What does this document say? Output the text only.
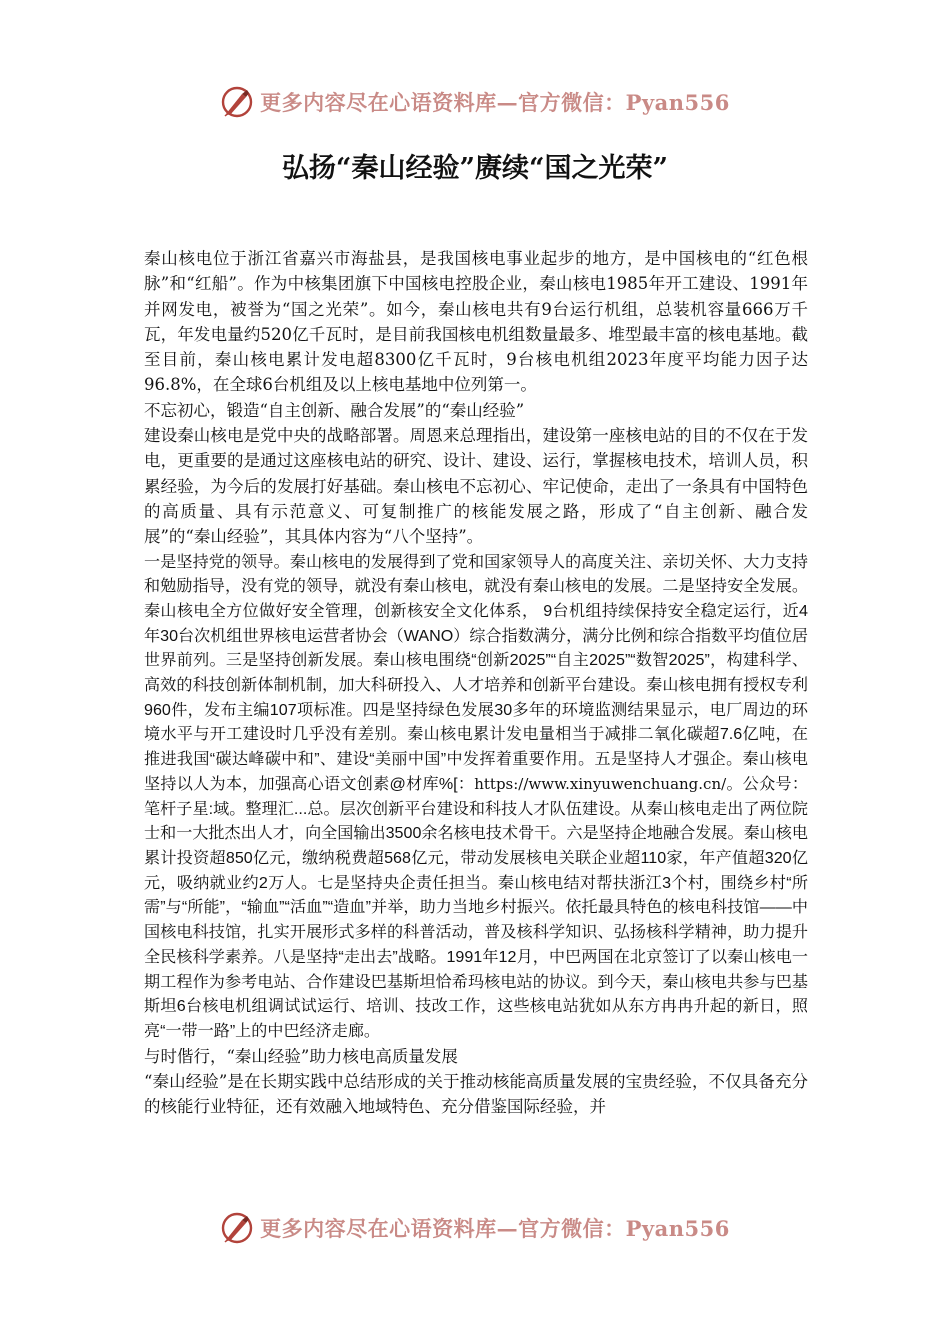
更多内容尽在心语资料库—官方微信：Pyan556
弘扬“秦山经验”赓续“国之光荣”

秦山核电位于浙江省嘉兴市海盐县，是我国核电事业起步的地方，是中国核电的“红色根脉”和“红船”。作为中核集团旗下中国核电控股企业，秦山核电1985年开工建设、1991年并网发电，被誉为“国之光荣”。如今，秦山核电共有9台运行机组，总装机容量666万千瓦，年发电量约520亿千瓦时，是目前我国核电机组数量最多、堆型最丰富的核电基地。截至目前，秦山核电累计发电超8300亿千瓦时，9台核电机组2023年度平均能力因子达96.8%，在全球6台机组及以上核电基地中位列第一。

不忘初心，锻造“自主创新、融合发展”的“秦山经验”

建设秦山核电是党中央的战略部署。周恩来总理指出，建设第一座核电站的目的不仅在于发电，更重要的是通过这座核电站的研究、设计、建设、运行，掌握核电技术，培训人员，积累经验，为今后的发展打好基础。秦山核电不忘初心、牢记使命，走出了一条具有中国特色的高质量、具有示范意义、可复制推广的核能发展之路，形成了“自主创新、融合发展”的“秦山经验”，其具体内容为“八个坚持”。

一是坚持党的领导。秦山核电的发展得到了党和国家领导人的高度关注、亲切关怀、大力支持和勉励指导，没有党的领导，就没有秦山核电，就没有秦山核电的发展。二是坚持安全发展。秦山核电全方位做好安全管理，创新核安全文化体系， 9台机组持续保持安全稳定运行，近4年30台次机组世界核电运营者协会（WANO）综合指数满分，满分比例和综合指数平均值位居世界前列。三是坚持创新发展。秦山核电围绕“创新2025”“自主2025”“数智2025”，构建科学、高效的科技创新体制机制，加大科研投入、人才培养和创新平台建设。秦山核电拥有授权专利960件，发布主编107项标准。四是坚持绿色发展30多年的环境监测结果显示，电厂周边的环境水平与开工建设时几乎没有差别。秦山核电累计发电量相当于减排二氧化碳超7.6亿吨，在推进我国“碳达峰碳中和”、建设“美丽中国”中发挥着重要作用。五是坚持人才强企。秦山核电坚持以人为本，加强高心语文创素@材库%[：https://www.xinyuwenchuang.cn/。公众号：笔杆子星:域。整理汇...总。层次创新平台建设和科技人才队伍建设。从秦山核电走出了两位院士和一大批杰出人才，向全国输出3500余名核电技术骨干。六是坚持企地融合发展。秦山核电累计投资超850亿元，缴纳税费超568亿元，带动发展核电关联企业超110家，年产值超320亿元，吸纳就业约2万人。七是坚持央企责任担当。秦山核电结对帮扶浙江3个村，围绕乡村“所需”与“所能”，“输血”“活血”“造血”并举，助力当地乡村振兴。依托最具特色的核电科技馆——中国核电科技馆，扎实开展形式多样的科普活动，普及核科学知识、弘扬核科学精神，助力提升全民核科学素养。八是坚持“走出去”战略。1991年12月，中巴两国在北京签订了以秦山核电一期工程作为参考电站、合作建设巴基斯坦恰希玛核电站的协议。到今天，秦山核电共参与巴基斯坦6台核电机组调试试运行、培训、技改工作，这些核电站犹如从东方冉冉升起的新日，照亮“一带一路”上的中巴经济走廊。

与时偕行，“秦山经验”助力核电高质量发展

“秦山经验”是在长期实践中总结形成的关于推动核能高质量发展的宝贵经验，不仅具备充分的核能行业特征，还有效融入地域特色、充分借鉴国际经验，并

更多内容尽在心语资料库—官方微信：Pyan556
